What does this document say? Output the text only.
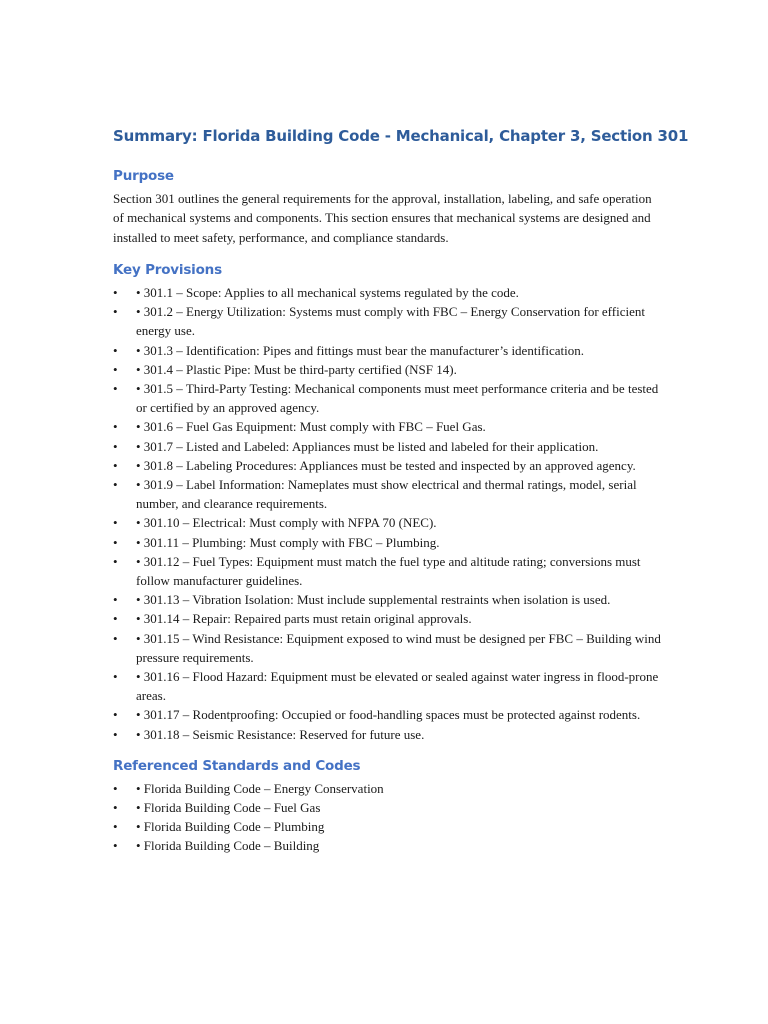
Summary: Florida Building Code - Mechanical, Chapter 3, Section 301
Purpose

Section 301 outlines the general requirements for the approval, installation, labeling, and safe operation of mechanical systems and components. This section ensures that mechanical systems are designed and installed to meet safety, performance, and compliance standards.

Key Provisions
• • 301.1 – Scope: Applies to all mechanical systems regulated by the code.
• • 301.2 – Energy Utilization: Systems must comply with FBC – Energy Conservation for efficient energy use.
• • 301.3 – Identification: Pipes and fittings must bear the manufacturer’s identification.
• • 301.4 – Plastic Pipe: Must be third-party certified (NSF 14).
• • 301.5 – Third-Party Testing: Mechanical components must meet performance criteria and be tested or certified by an approved agency.
• • 301.6 – Fuel Gas Equipment: Must comply with FBC – Fuel Gas.
• • 301.7 – Listed and Labeled: Appliances must be listed and labeled for their application.
• • 301.8 – Labeling Procedures: Appliances must be tested and inspected by an approved agency.
• • 301.9 – Label Information: Nameplates must show electrical and thermal ratings, model, serial number, and clearance requirements.
• • 301.10 – Electrical: Must comply with NFPA 70 (NEC).
• • 301.11 – Plumbing: Must comply with FBC – Plumbing.
• • 301.12 – Fuel Types: Equipment must match the fuel type and altitude rating; conversions must follow manufacturer guidelines.
• • 301.13 – Vibration Isolation: Must include supplemental restraints when isolation is used.
• • 301.14 – Repair: Repaired parts must retain original approvals.
• • 301.15 – Wind Resistance: Equipment exposed to wind must be designed per FBC – Building wind pressure requirements.
• • 301.16 – Flood Hazard: Equipment must be elevated or sealed against water ingress in flood-prone areas.
• • 301.17 – Rodentproofing: Occupied or food-handling spaces must be protected against rodents.
• • 301.18 – Seismic Resistance: Reserved for future use.
Referenced Standards and Codes
• • Florida Building Code – Energy Conservation
• • Florida Building Code – Fuel Gas
• • Florida Building Code – Plumbing
• • Florida Building Code – Building
